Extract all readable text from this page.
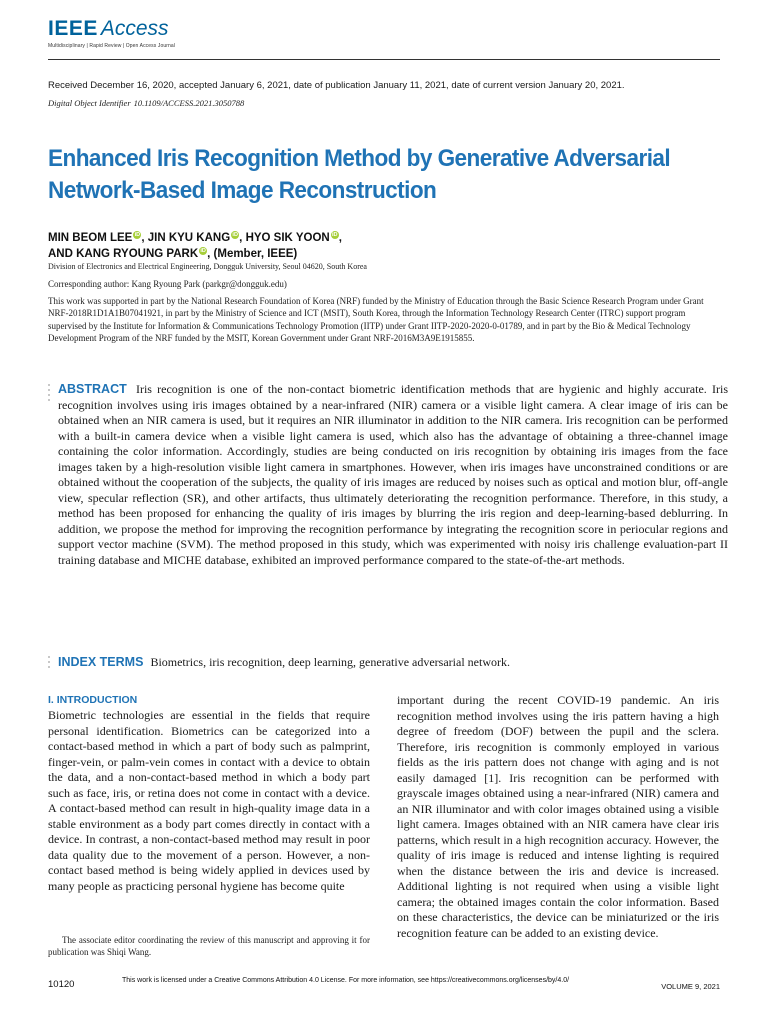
IEEE Access
Multidisciplinary | Rapid Review | Open Access Journal
Received December 16, 2020, accepted January 6, 2021, date of publication January 11, 2021, date of current version January 20, 2021.
Digital Object Identifier 10.1109/ACCESS.2021.3050788
Enhanced Iris Recognition Method by Generative Adversarial Network-Based Image Reconstruction
MIN BEOM LEE iD, JIN KYU KANG iD, HYO SIK YOON iD,
AND KANG RYOUNG PARK iD, (Member, IEEE)
Division of Electronics and Electrical Engineering, Dongguk University, Seoul 04620, South Korea
Corresponding author: Kang Ryoung Park (parkgr@dongguk.edu)
This work was supported in part by the National Research Foundation of Korea (NRF) funded by the Ministry of Education through the Basic Science Research Program under Grant NRF-2018R1D1A1B07041921, in part by the Ministry of Science and ICT (MSIT), South Korea, through the Information Technology Research Center (ITRC) support program supervised by the Institute for Information & Communications Technology Promotion (IITP) under Grant IITP-2020-2020-0-01789, and in part by the Bio & Medical Technology Development Program of the NRF funded by the MSIT, Korean Government under Grant NRF-2016M3A9E1915855.
ABSTRACT Iris recognition is one of the non-contact biometric identification methods that are hygienic and highly accurate. Iris recognition involves using iris images obtained by a near-infrared (NIR) camera or a visible light camera. A clear image of iris can be obtained when an NIR camera is used, but it requires an NIR illuminator in addition to the NIR camera. Iris recognition can be performed with a built-in camera device when a visible light camera is used, which also has the advantage of obtaining a three-channel image containing the color information. Accordingly, studies are being conducted on iris recognition by obtaining iris images from the face images taken by a high-resolution visible light camera in smartphones. However, when iris images have unconstrained conditions or are obtained without the cooperation of the subjects, the quality of iris images are reduced by noises such as optical and motion blur, off-angle view, specular reflection (SR), and other artifacts, thus ultimately deteriorating the recognition performance. Therefore, in this study, a method has been proposed for enhancing the quality of iris images by blurring the iris region and deep-learning-based deblurring. In addition, we propose the method for improving the recognition performance by integrating the recognition score in periocular regions and support vector machine (SVM). The method proposed in this study, which was experimented with noisy iris challenge evaluation-part II training database and MICHE database, exhibited an improved performance compared to the state-of-the-art methods.
INDEX TERMS Biometrics, iris recognition, deep learning, generative adversarial network.
I. INTRODUCTION
Biometric technologies are essential in the fields that require personal identification. Biometrics can be categorized into a contact-based method in which a part of body such as palmprint, finger-vein, or palm-vein comes in contact with a device to obtain the data, and a non-contact-based method in which a body part such as face, iris, or retina does not come in contact with a device. A contact-based method can result in high-quality image data in a stable environment as a body part comes directly in contact with a device. In contrast, a non-contact-based method may result in poor data quality due to the movement of a person. However, a non-contact based method is being widely applied in devices used by many people as practicing personal hygiene has become quite
important during the recent COVID-19 pandemic. An iris recognition method involves using the iris pattern having a high degree of freedom (DOF) between the pupil and the sclera. Therefore, iris recognition is commonly employed in various fields as the iris pattern does not change with aging and is not easily damaged [1]. Iris recognition can be performed with grayscale images obtained using a near-infrared (NIR) camera and an NIR illuminator and with color images obtained using a visible light camera. Images obtained with an NIR camera have clear iris patterns, which result in a high recognition accuracy. However, the quality of iris image is reduced and intense lighting is required when the distance between the iris and device is increased. Additional lighting is not required when using a visible light camera; the obtained images contain the color information. Based on these characteristics, the device can be miniaturized or the iris recognition feature can be added to an existing device.
The associate editor coordinating the review of this manuscript and approving it for publication was Shiqi Wang.
10120	This work is licensed under a Creative Commons Attribution 4.0 License. For more information, see https://creativecommons.org/licenses/by/4.0/
VOLUME 9, 2021
